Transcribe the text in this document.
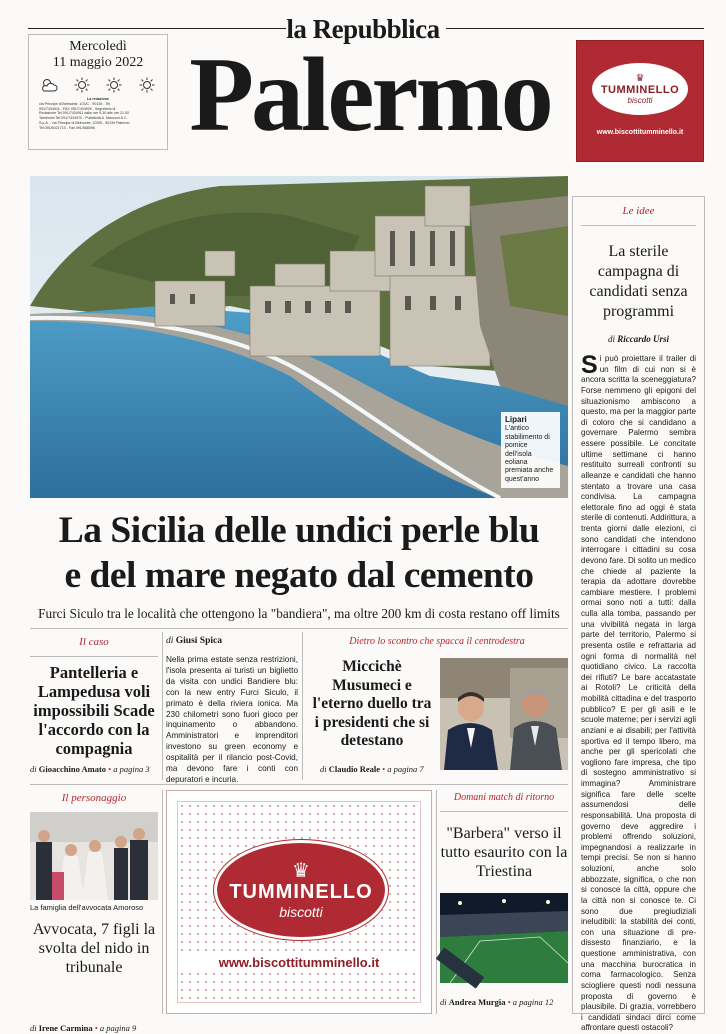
la Repubblica
Mercoledì
11 maggio 2022
La redazione
via Principe di Belmonte, 103/C - 90139 - Tel.
091/7434911 - FAX 091/7434929 - Segreteria di
Redazione Tel.091/7434911 dalle ore 9.30 alle ore 21.00
Tamburini Tel.091/7434970 - Pubblicità A. Manzoni & C.
S.p.A. - via Principe di Belmonte, 103/B - 90139 Palermo
Tel.091/6021715 - Fax 091/588096 Palermo	♛
TUMMINELLO
biscotti
www.biscottitumminello.it
Lipari
L'antico stabilimento di pomice dell'isola eoliana premiata anche quest'anno
La Sicilia delle undici perle blu
e del mare negato dal cemento
Furci Siculo tra le località che ottengono la "bandiera", ma oltre 200 km di costa restano off limits
Il caso
Pantelleria e Lampedusa voli impossibili Scade l'accordo con la compagnia
di Gioacchino Amato • a pagina 3
di Giusi Spica
Nella prima estate senza restrizioni, l'isola presenta ai turisti un biglietto da visita con undici Bandiere blu: con la new entry Furci Siculo, il primato è della riviera ionica. Ma 230 chilometri sono fuori gioco per inquinamento o abbandono. Amministratori e imprenditori investono su green economy e ospitalità per il rilancio post-Covid, ma devono fare i conti con depuratori e incuria.
Dietro lo scontro che spacca il centrodestra
Miccichè Musumeci e l'eterno duello tra i presidenti che si detestano
di Claudio Reale • a pagina 7
Le idee
La sterile campagna di candidati senza programmi
di Riccardo Ursi
Si può proiettare il trailer di un film di cui non si è ancora scritta la sceneggiatura? Forse nemmeno gli epigoni del situazionismo ambiscono a questo, ma per la maggior parte di coloro che si candidano a governare Palermo sembra essere possibile. Le concitate ultime settimane ci hanno restituito surreali confronti su alleanze e candidati che hanno stentato a trovare una casa condivisa. La campagna elettorale fino ad oggi è stata sterile di contenuti. Addirittura, a trenta giorni dalle elezioni, ci sono candidati che intendono interrogare i cittadini su cosa devono fare. Di solito un medico che chiede al paziente la terapia da adottare dovrebbe cambiare mestiere. I problemi ormai sono noti a tutti: dalla culla alla tomba, passando per una vivibilità negata in larga parte del territorio, Palermo si presenta ostile e refrattaria ad ogni forma di normalità nel quotidiano civico. La raccolta dei rifiuti? Le bare accatastate ai Rotoli? Le criticità della mobilità cittadina e del trasporto pubblico? E per gli asili e le scuole materne; per i servizi agli anziani e ai disabili; per l'attività sportiva ed il tempo libero, ma anche per gli spericolati che vogliono fare impresa, che tipo di sostegno amministrativo si immagina? Amministrare significa fare delle scelte assumendosi delle responsabilità. Una proposta di governo deve aggredire i problemi offrendo soluzioni, impegnandosi a realizzarle in tempi precisi. Se non si hanno soluzioni, anche solo abbozzate, significa, o che non si conosce la città, oppure che la città non si conosce te. Ci sono due pregiudiziali ineludibili: la stabilità dei conti, con una situazione di pre-dissesto finanziario, e la questione amministrativa, con una macchina burocratica in coma farmacologico. Senza sciogliere questi nodi nessuna proposta di governo è plausibile. Di grazia, vorrebbero i candidati sindaci dirci come affrontare questi ostacoli?
Il personaggio
La famiglia dell'avvocata Amoroso
Avvocata, 7 figli la svolta del nido in tribunale
di Irene Carmina • a pagina 9
♛
TUMMINELLO
biscotti
www.biscottitumminello.it
Domani match di ritorno
"Barbera" verso il tutto esaurito con la Triestina
di Andrea Murgia • a pagina 12
